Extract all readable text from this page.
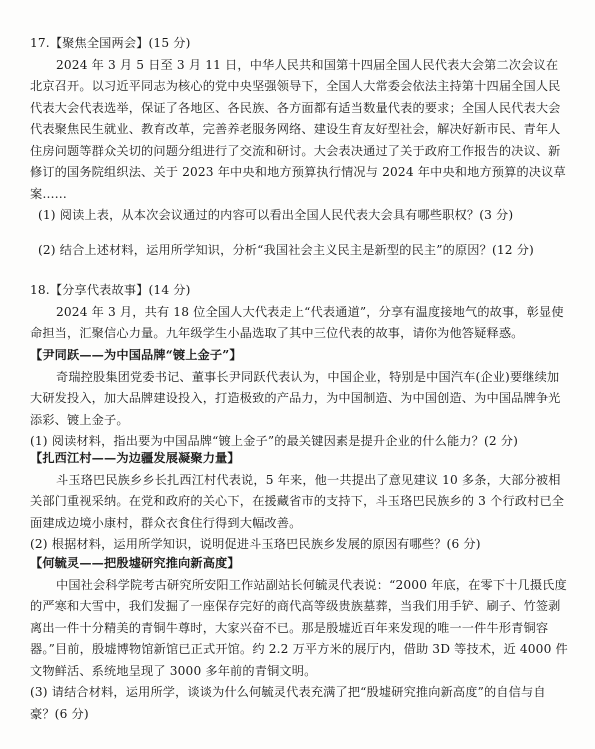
17.【聚焦全国两会】(15 分)

2024 年 3 月 5 日至 3 月 11 日，中华人民共和国第十四届全国人民代表大会第二次会议在北京召开。以习近平同志为核心的党中央坚强领导下，全国人大常委会依法主持第十四届全国人民代表大会代表选举，保证了各地区、各民族、各方面都有适当数量代表的要求；全国人民代表大会代表聚焦民生就业、教育改革，完善养老服务网络、建设生育友好型社会，解决好新市民、青年人住房问题等群众关切的问题分组进行了交流和研讨。大会表决通过了关于政府工作报告的决议、新修订的国务院组织法、关于 2023 年中央和地方预算执行情况与 2024 年中央和地方预算的决议草案……

(1) 阅读上表，从本次会议通过的内容可以看出全国人民代表大会具有哪些职权？(3 分)

(2) 结合上述材料，运用所学知识，分析“我国社会主义民主是新型的民主”的原因？(12 分)

18.【分享代表故事】(14 分)

2024 年 3 月，共有 18 位全国人大代表走上“代表通道”，分享有温度接地气的故事，彰显使命担当，汇聚信心力量。九年级学生小晶选取了其中三位代表的故事，请你为他答疑释惑。

【尹同跃——为中国品牌“镀上金子”】

奇瑞控股集团党委书记、董事长尹同跃代表认为，中国企业，特别是中国汽车(企业)要继续加大研发投入，加大品牌建设投入，打造极致的产品力，为中国制造、为中国创造、为中国品牌争光添彩、镀上金子。

(1) 阅读材料，指出要为中国品牌“镀上金子”的最关键因素是提升企业的什么能力？(2 分)

【扎西江村——为边疆发展凝聚力量】

斗玉珞巴民族乡乡长扎西江村代表说，5 年来，他一共提出了意见建议 10 多条，大部分被相关部门重视采纳。在党和政府的关心下，在援藏省市的支持下，斗玉珞巴民族乡的 3 个行政村已全面建成边境小康村，群众衣食住行得到大幅改善。

(2) 根据材料，运用所学知识，说明促进斗玉珞巴民族乡发展的原因有哪些？(6 分)

【何毓灵——把殷墟研究推向新高度】

中国社会科学院考古研究所安阳工作站副站长何毓灵代表说：“2000 年底，在零下十几摄氏度的严寒和大雪中，我们发掘了一座保存完好的商代高等级贵族墓葬，当我们用手铲、刷子、竹签剥离出一件十分精美的青铜牛尊时，大家兴奋不已。那是殷墟近百年来发现的唯一一件牛形青铜容器。”目前，殷墟博物馆新馆已正式开馆。约 2.2 万平方米的展厅内，借助 3D 等技术，近 4000 件文物鲜活、系统地呈现了 3000 多年前的青铜文明。

(3) 请结合材料，运用所学，谈谈为什么何毓灵代表充满了把“殷墟研究推向新高度”的自信与自豪？(6 分)
